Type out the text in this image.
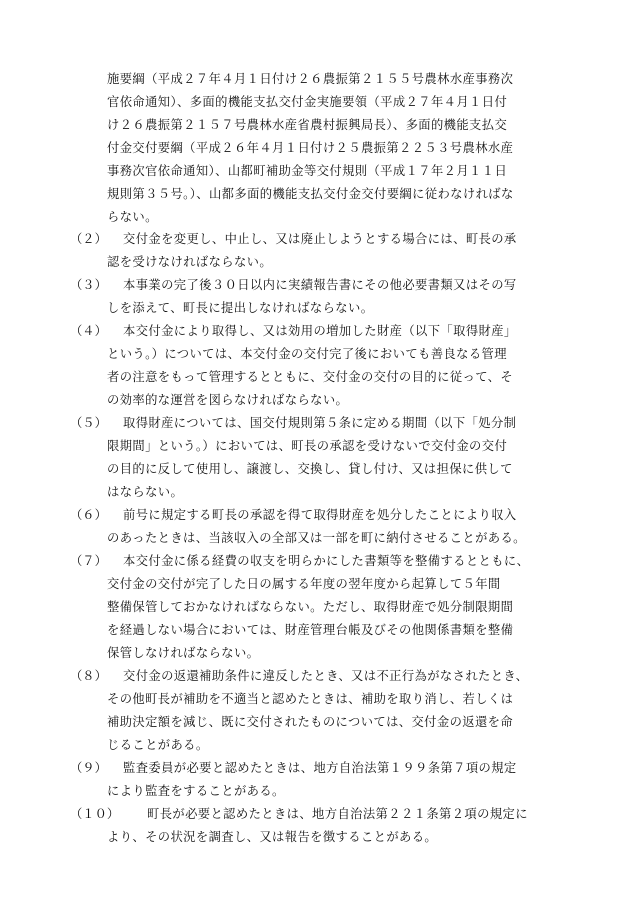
施要綱（平成２７年４月１日付け２６農振第２１５５号農林水産事務次
官依命通知）、多面的機能支払交付金実施要領（平成２７年４月１日付
け２６農振第２１５７号農林水産省農村振興局長）、多面的機能支払交
付金交付要綱（平成２６年４月１日付け２５農振第２２５３号農林水産
事務次官依命通知）、山都町補助金等交付規則（平成１７年２月１１日
規則第３５号。）、山都多面的機能支払交付金交付要綱に従わなければな
らない。
（２）	交付金を変更し、中止し、又は廃止しようとする場合には、町長の承
認を受けなければならない。
（３）	本事業の完了後３０日以内に実績報告書にその他必要書類又はその写
しを添えて、町長に提出しなければならない。
（４）	本交付金により取得し、又は効用の増加した財産（以下「取得財産」
という。）については、本交付金の交付完了後においても善良なる管理
者の注意をもって管理するとともに、交付金の交付の目的に従って、そ
の効率的な運営を図らなければならない。
（５）	取得財産については、国交付規則第５条に定める期間（以下「処分制
限期間」という。）においては、町長の承認を受けないで交付金の交付
の目的に反して使用し、譲渡し、交換し、貸し付け、又は担保に供して
はならない。
（６）	前号に規定する町長の承認を得て取得財産を処分したことにより収入
のあったときは、当該収入の全部又は一部を町に納付させることがある。
（７）	本交付金に係る経費の収支を明らかにした書類等を整備するとともに、
交付金の交付が完了した日の属する年度の翌年度から起算して５年間
整備保管しておかなければならない。ただし、取得財産で処分制限期間
を経過しない場合においては、財産管理台帳及びその他関係書類を整備
保管しなければならない。
（８）	交付金の返還補助条件に違反したとき、又は不正行為がなされたとき、
その他町長が補助を不適当と認めたときは、補助を取り消し、若しくは
補助決定額を減じ、既に交付されたものについては、交付金の返還を命
じることがある。
（９）	監査委員が必要と認めたときは、地方自治法第１９９条第７項の規定
により監査をすることがある。
（１０）	町長が必要と認めたときは、地方自治法第２２１条第２項の規定に
より、その状況を調査し、又は報告を徴することがある。
